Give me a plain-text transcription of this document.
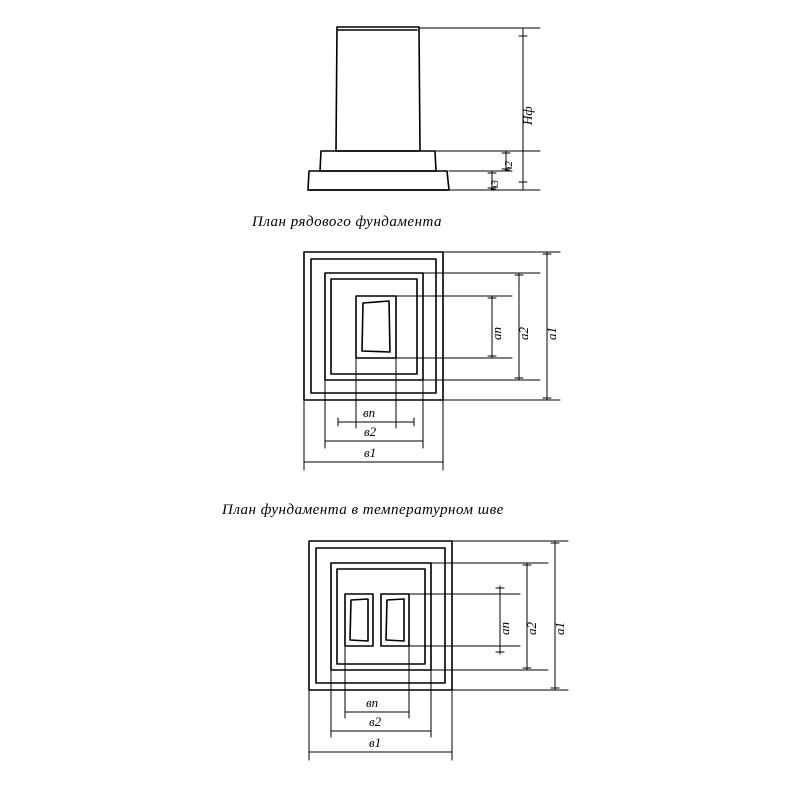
План рядового фундамента
План фундамента в температурном шве
Нф
h2
h3
вп
в2
в1
ап а2 а1
вп
в2
в1
ап а2 а1
